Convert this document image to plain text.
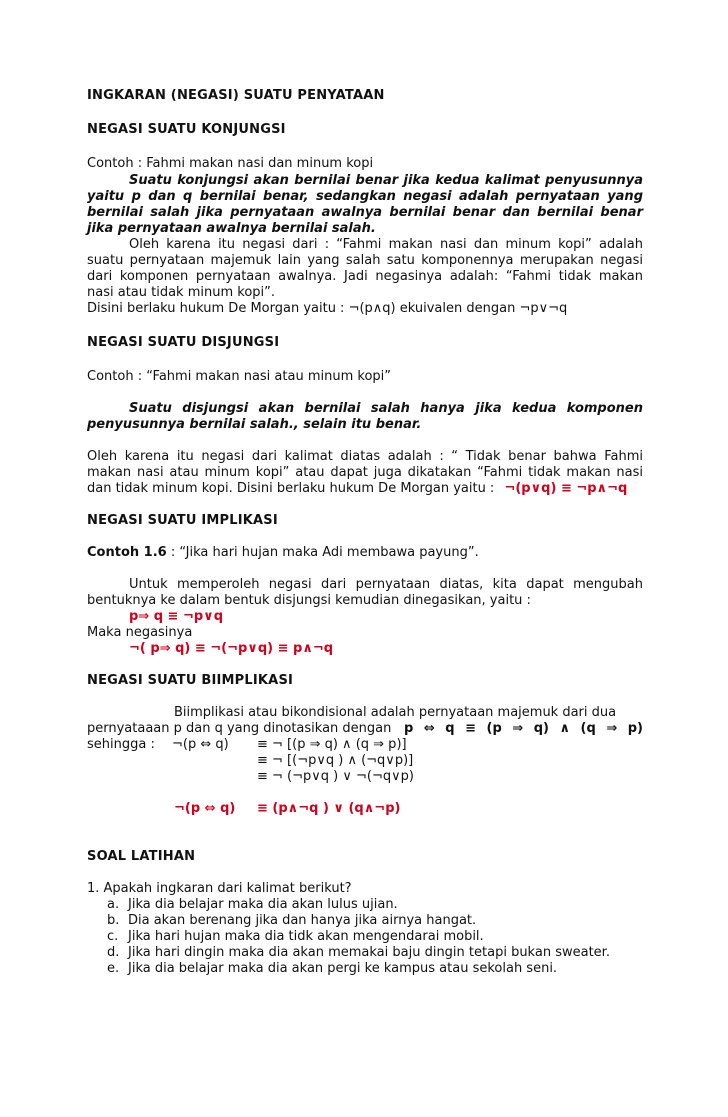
INGKARAN (NEGASI) SUATU PENYATAAN
NEGASI SUATU KONJUNGSI
Contoh : Fahmi makan nasi dan minum kopi
Suatu konjungsi akan bernilai benar jika kedua kalimat penyusunnya
yaitu p dan q bernilai benar, sedangkan negasi adalah pernyataan yang
bernilai salah jika pernyataan awalnya bernilai benar dan bernilai benar
jika pernyataan awalnya bernilai salah.
Oleh karena itu negasi dari : “Fahmi makan nasi dan minum kopi” adalah
suatu pernyataan majemuk lain yang salah satu komponennya merupakan negasi
dari komponen pernyataan awalnya. Jadi negasinya adalah: “Fahmi tidak makan
nasi atau tidak minum kopi”.
Disini berlaku hukum De Morgan yaitu : ¬(p∧q) ekuivalen dengan ¬p∨¬q
NEGASI SUATU DISJUNGSI
Contoh : “Fahmi makan nasi atau minum kopi”
Suatu disjungsi akan bernilai salah hanya jika kedua komponen
penyusunnya bernilai salah., selain itu benar.
Oleh karena itu negasi dari kalimat diatas adalah : “ Tidak benar bahwa Fahmi
makan nasi atau minum kopi” atau dapat juga dikatakan “Fahmi tidak makan nasi
dan tidak minum kopi. Disini berlaku hukum De Morgan yaitu : ¬(p∨q) ≡ ¬p∧¬q
NEGASI SUATU IMPLIKASI
Contoh 1.6 : “Jika hari hujan maka Adi membawa payung”.
Untuk memperoleh negasi dari pernyataan diatas, kita dapat mengubah
bentuknya ke dalam bentuk disjungsi kemudian dinegasikan, yaitu :
p⇒ q ≡ ¬p∨q
Maka negasinya
¬( p⇒ q) ≡ ¬(¬p∨q) ≡ p∧¬q
NEGASI SUATU BIIMPLIKASI
Biimplikasi atau bikondisional adalah pernyataan majemuk dari dua
pernyataaan p dan q yang dinotasikan dengan p ⇔ q ≡ (p ⇒ q) ∧ (q ⇒ p)
sehingga : ¬(p ⇔ q) ≡ ¬ [(p ⇒ q) ∧ (q ⇒ p)]
≡ ¬ [(¬p∨q ) ∧ (¬q∨p)]
≡ ¬ (¬p∨q ) ∨ ¬(¬q∨p)
¬(p ⇔ q) ≡ (p∧¬q ) ∨ (q∧¬p)
SOAL LATIHAN
1. Apakah ingkaran dari kalimat berikut?
a. Jika dia belajar maka dia akan lulus ujian.
b. Dia akan berenang jika dan hanya jika airnya hangat.
c. Jika hari hujan maka dia tidk akan mengendarai mobil.
d. Jika hari dingin maka dia akan memakai baju dingin tetapi bukan sweater.
e. Jika dia belajar maka dia akan pergi ke kampus atau sekolah seni.
